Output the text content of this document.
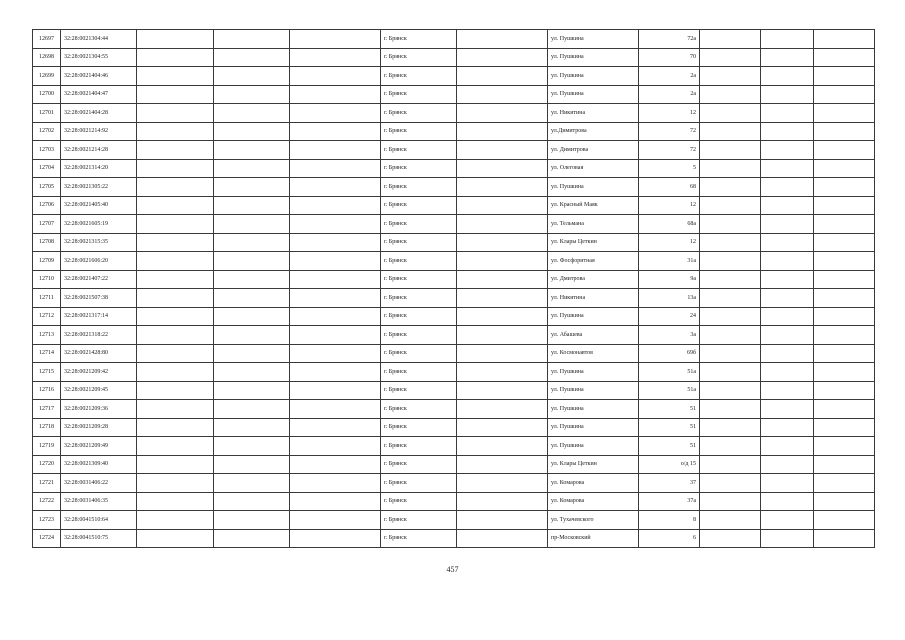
12697	32:28:0021304:44				г. Брянск		ул. Пушкина	72а			
12698	32:28:0021304:55				г. Брянск		ул. Пушкина	70			
12699	32:28:0021404:46				г. Брянск		ул. Пушкина	2а			
12700	32:28:0021404:47				г. Брянск		ул. Пушкина	2а			
12701	32:28:0021404:28				г. Брянск		ул. Никитина	12			
12702	32:28:0021214:92				г. Брянск		ул.Димитрова	72			
12703	32:28:0021214:28				г. Брянск		ул. Димитрова	72			
12704	32:28:0021314:20				г. Брянск		ул. Олеговая	5			
12705	32:28:0021305:22				г. Брянск		ул. Пушкина	68			
12706	32:28:0021405:40				г. Брянск		ул. Красный Маяк	12			
12707	32:28:0021605:19				г. Брянск		ул. Тельмана	68а			
12708	32:28:0021315:35				г. Брянск		ул. Клары Цеткин	12			
12709	32:28:0021606:20				г. Брянск		ул. Фосфоритная	31а			
12710	32:28:0021407:22				г. Брянск		ул. Дмитрова	9а			
12711	32:28:0021507:38				г. Брянск		ул. Никитина	13а			
12712	32:28:0021317:14				г. Брянск		ул. Пушкина	24			
12713	32:28:0021318:22				г. Брянск		ул. Абашева	3а			
12714	32:28:0021428:80				г. Брянск		ул. Космонавтов	69б			
12715	32:28:0021209:42				г. Брянск		ул. Пушкина	51а			
12716	32:28:0021209:45				г. Брянск		ул. Пушкина	51а			
12717	32:28:0021209:36				г. Брянск		ул. Пушкина	51			
12718	32:28:0021209:28				г. Брянск		ул. Пушкина	51			
12719	32:28:0021209:49				г. Брянск		ул. Пушкина	51			
12720	32:28:0021309:40				г. Брянск		ул. Клары Цеткин	о/д 15			
12721	32:28:0031406:22				г. Брянск		ул. Комарова	37			
12722	32:28:0031406:35				г. Брянск		ул. Комарова	37а			
12723	32:28:0041510:64				г. Брянск		ул. Тухачевского	8			
12724	32:28:0041510:75				г. Брянск		пр-Московский	6			
457
